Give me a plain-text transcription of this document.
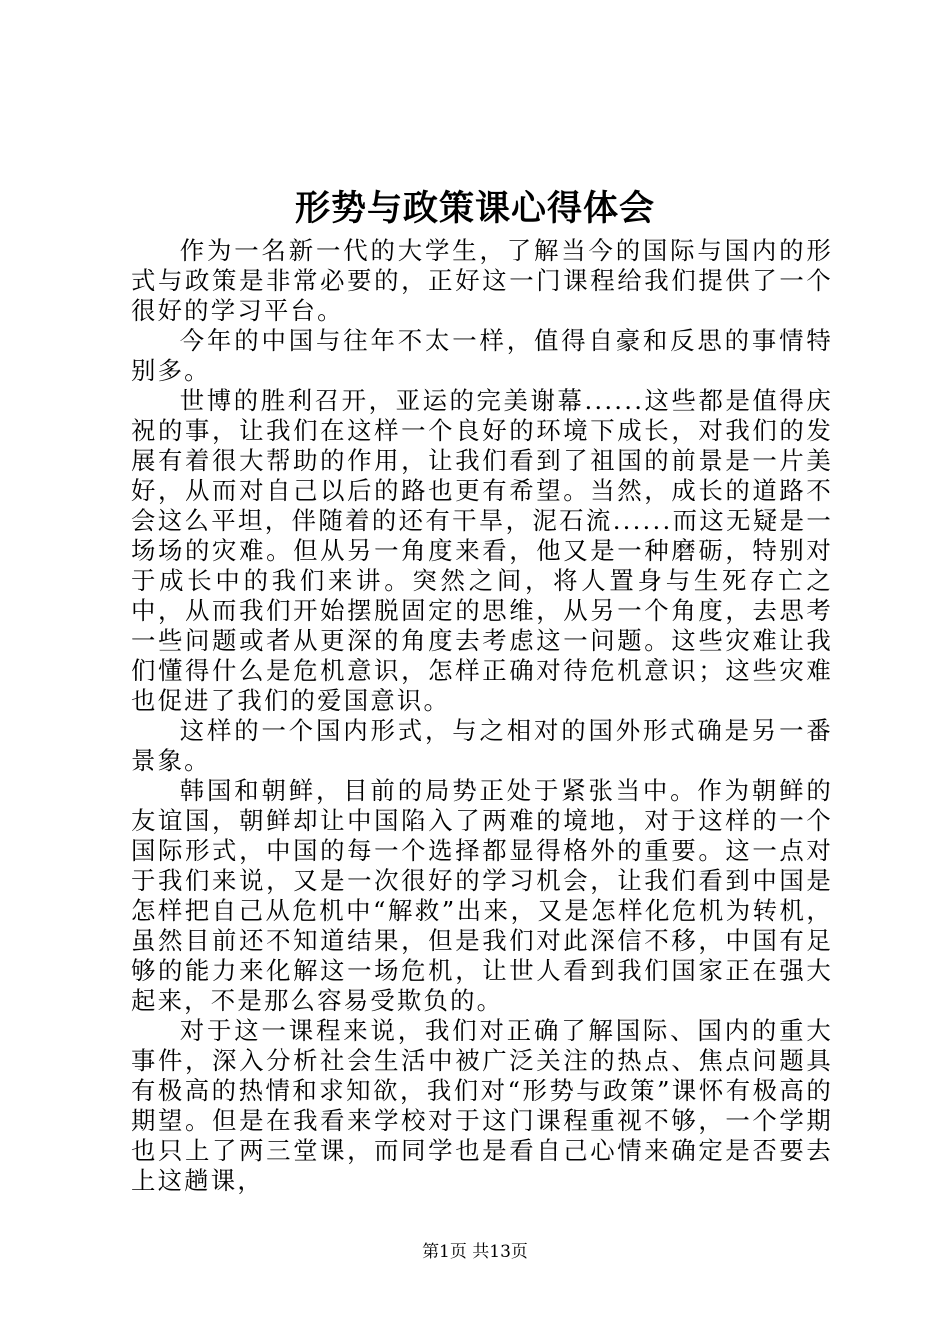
形势与政策课心得体会

作为一名新一代的大学生，了解当今的国际与国内的形式与政策是非常必要的，正好这一门课程给我们提供了一个很好的学习平台。

今年的中国与往年不太一样，值得自豪和反思的事情特别多。

世博的胜利召开，亚运的完美谢幕......这些都是值得庆祝的事，让我们在这样一个良好的环境下成长，对我们的发展有着很大帮助的作用，让我们看到了祖国的前景是一片美好，从而对自己以后的路也更有希望。当然，成长的道路不会这么平坦，伴随着的还有干旱，泥石流......而这无疑是一场场的灾难。但从另一角度来看，他又是一种磨砺，特别对于成长中的我们来讲。突然之间，将人置身与生死存亡之中，从而我们开始摆脱固定的思维，从另一个角度，去思考一些问题或者从更深的角度去考虑这一问题。这些灾难让我们懂得什么是危机意识，怎样正确对待危机意识；这些灾难也促进了我们的爱国意识。

这样的一个国内形式，与之相对的国外形式确是另一番景象。

韩国和朝鲜，目前的局势正处于紧张当中。作为朝鲜的友谊国，朝鲜却让中国陷入了两难的境地，对于这样的一个国际形式，中国的每一个选择都显得格外的重要。这一点对于我们来说，又是一次很好的学习机会，让我们看到中国是怎样把自己从危机中“解救”出来，又是怎样化危机为转机，虽然目前还不知道结果，但是我们对此深信不移，中国有足够的能力来化解这一场危机，让世人看到我们国家正在强大起来，不是那么容易受欺负的。

对于这一课程来说，我们对正确了解国际、国内的重大事件，深入分析社会生活中被广泛关注的热点、焦点问题具有极高的热情和求知欲，我们对“形势与政策”课怀有极高的期望。但是在我看来学校对于这门课程重视不够，一个学期也只上了两三堂课，而同学也是看自己心情来确定是否要去上这趟课，

第1页 共13页
